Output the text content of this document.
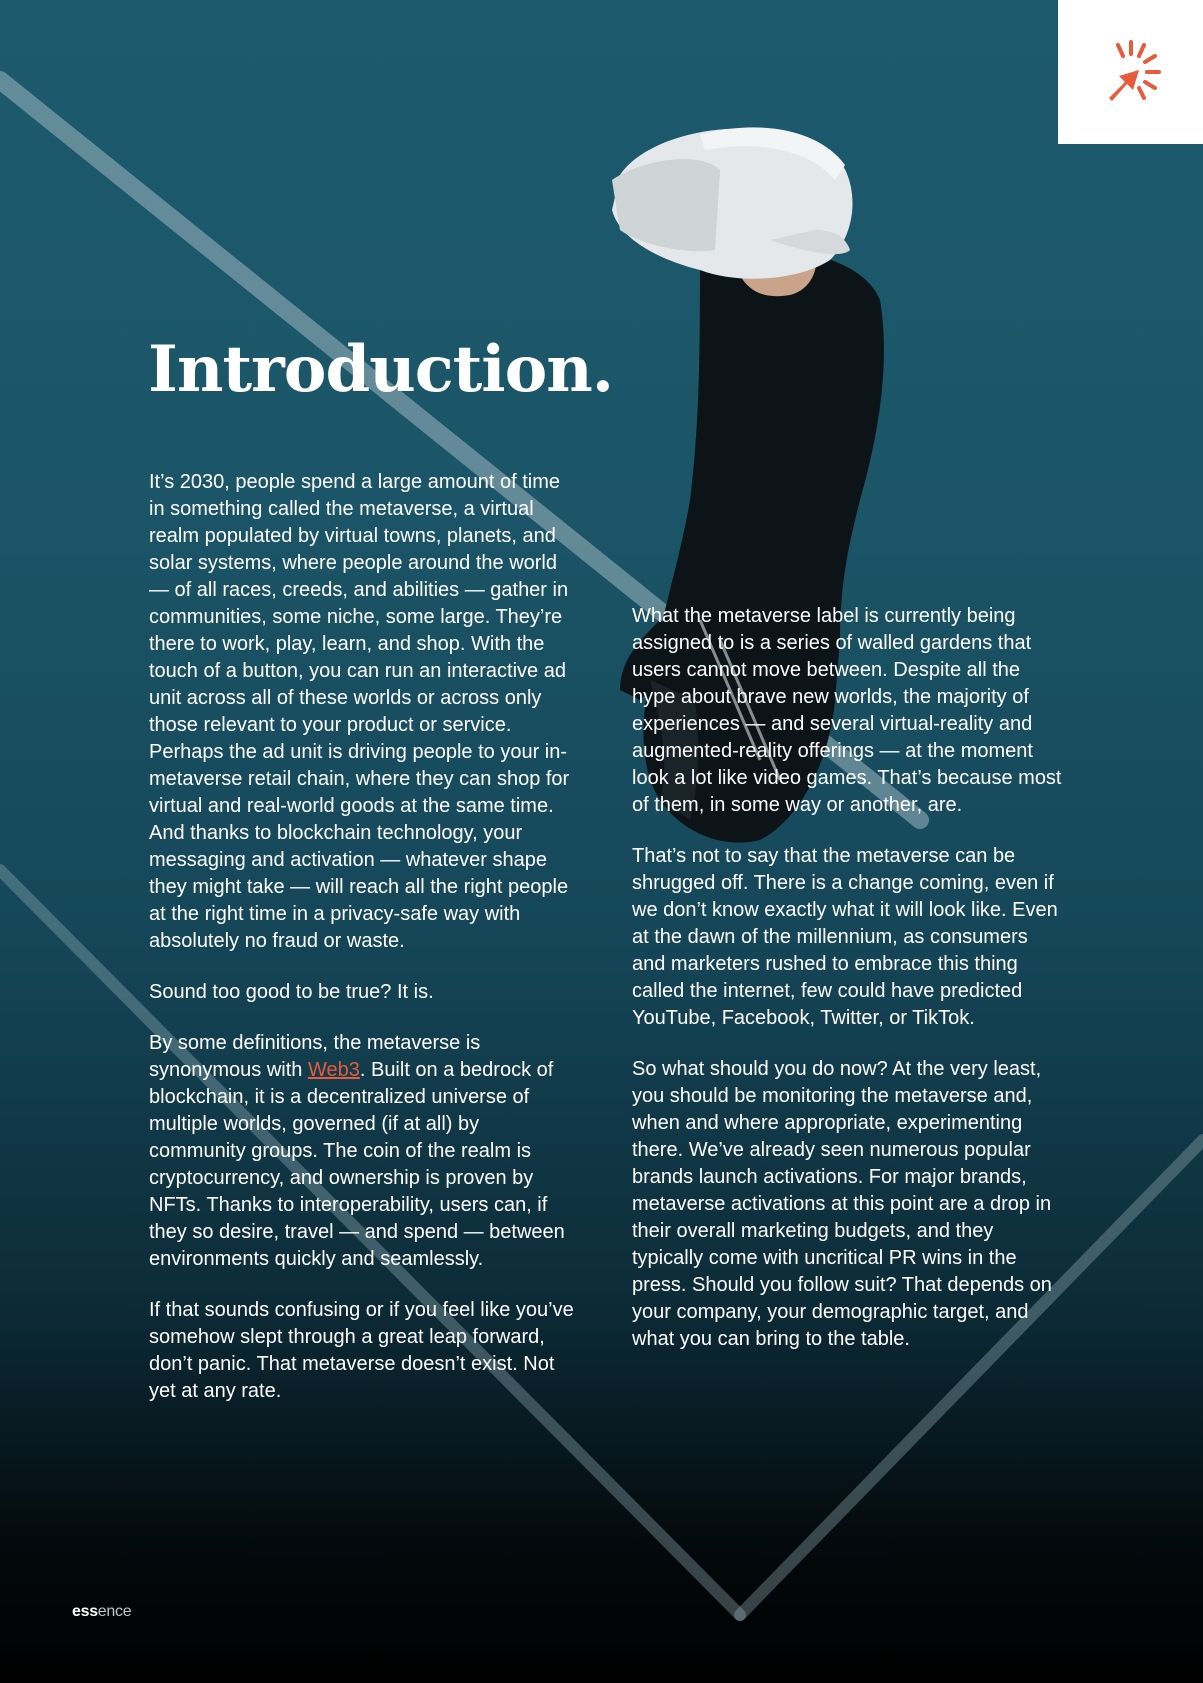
Introduction.

It’s 2030, people spend a large amount of time in something called the metaverse, a virtual realm populated by virtual towns, planets, and solar systems, where people around the world — of all races, creeds, and abilities — gather in communities, some niche, some large. They’re there to work, play, learn, and shop. With the touch of a button, you can run an interactive ad unit across all of these worlds or across only those relevant to your product or service. Perhaps the ad unit is driving people to your in-metaverse retail chain, where they can shop for virtual and real-world goods at the same time. And thanks to blockchain technology, your messaging and activation — whatever shape they might take — will reach all the right people at the right time in a privacy-safe way with absolutely no fraud or waste.

Sound too good to be true? It is.

By some definitions, the metaverse is synonymous with Web3. Built on a bedrock of blockchain, it is a decentralized universe of multiple worlds, governed (if at all) by community groups. The coin of the realm is cryptocurrency, and ownership is proven by NFTs. Thanks to interoperability, users can, if they so desire, travel — and spend — between environments quickly and seamlessly.

If that sounds confusing or if you feel like you’ve somehow slept through a great leap forward, don’t panic. That metaverse doesn’t exist. Not yet at any rate.

What the metaverse label is currently being assigned to is a series of walled gardens that users cannot move between. Despite all the hype about brave new worlds, the majority of experiences — and several virtual-reality and augmented-reality offerings — at the moment look a lot like video games. That’s because most of them, in some way or another, are.

That’s not to say that the metaverse can be shrugged off. There is a change coming, even if we don’t know exactly what it will look like. Even at the dawn of the millennium, as consumers and marketers rushed to embrace this thing called the internet, few could have predicted YouTube, Facebook, Twitter, or TikTok.

So what should you do now? At the very least, you should be monitoring the metaverse and, when and where appropriate, experimenting there. We’ve already seen numerous popular brands launch activations. For major brands, metaverse activations at this point are a drop in their overall marketing budgets, and they typically come with uncritical PR wins in the press. Should you follow suit? That depends on your company, your demographic target, and what you can bring to the table.

essence
